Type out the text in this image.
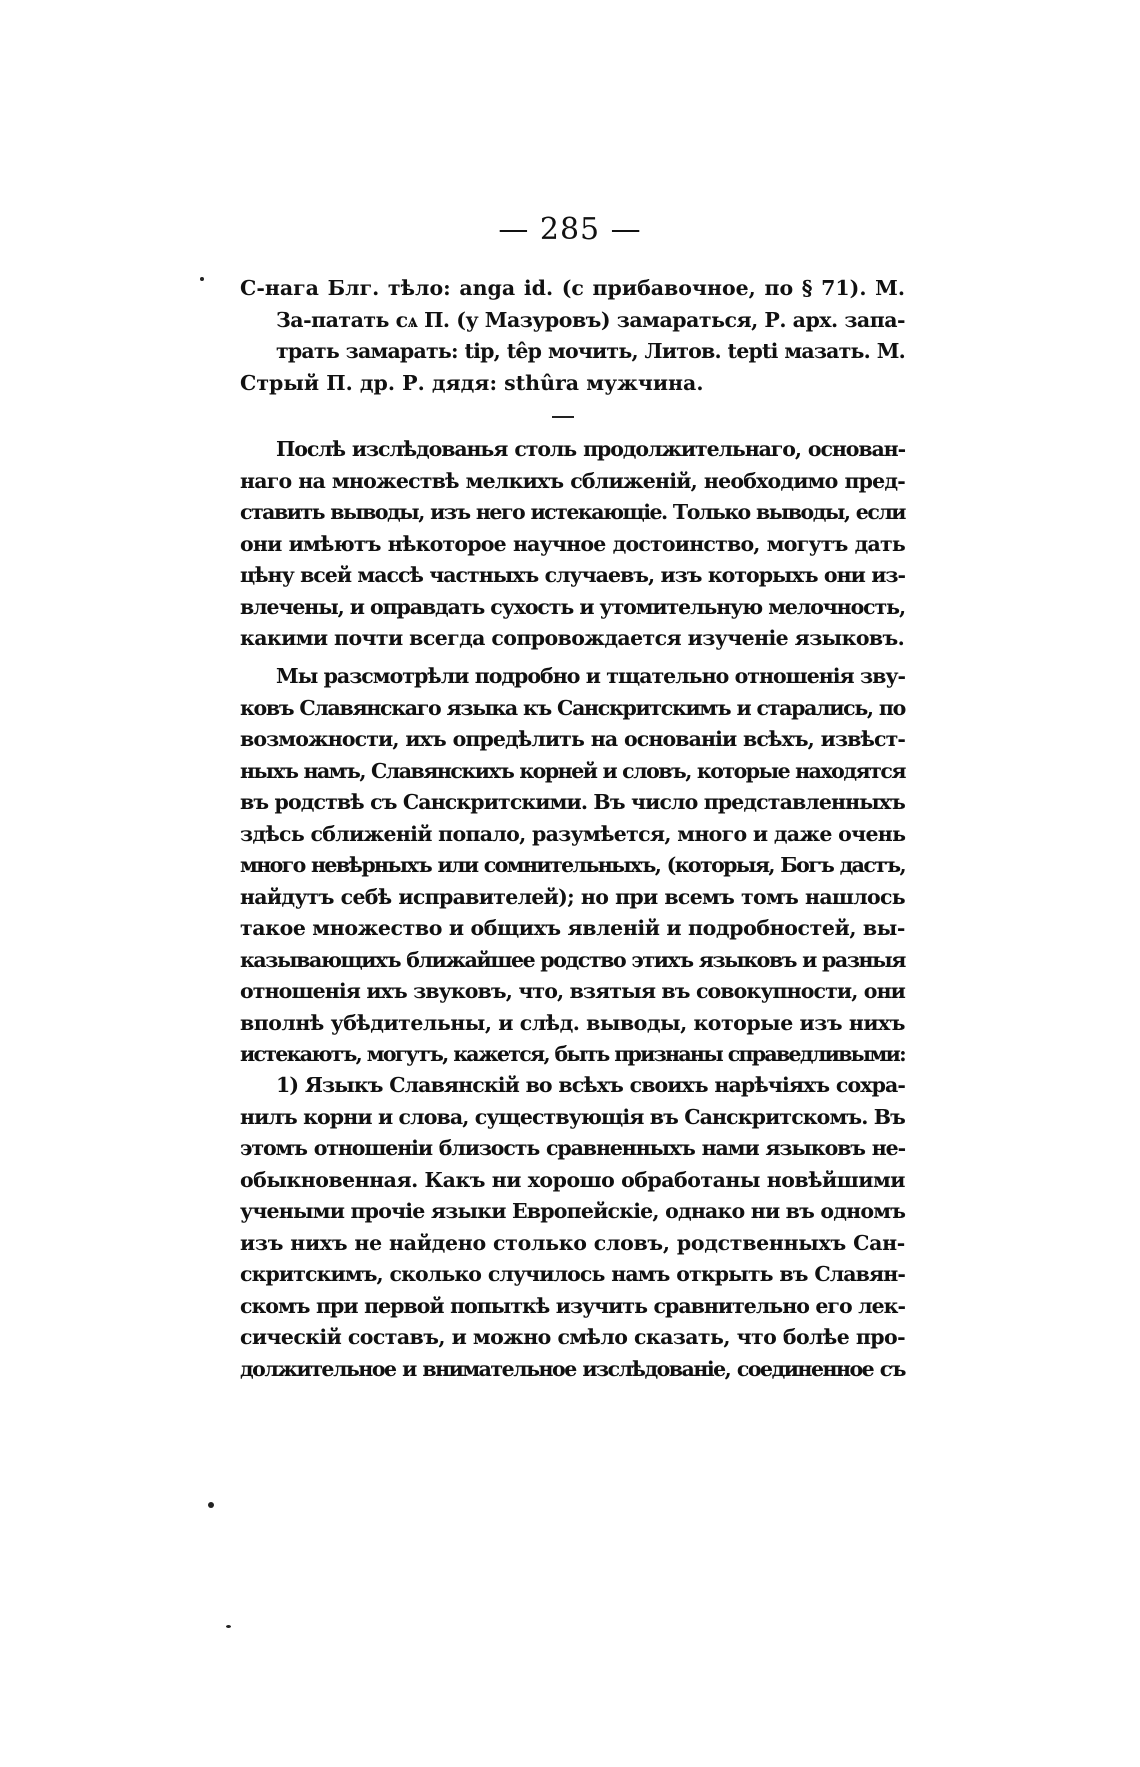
— 285 —
С-нага Блг. тѣло: anga id. (с прибавочное, по § 71). М.
За-патать сѧ П. (у Мазуровъ) замараться, Р. арх. запа-
трать замарать: tip, têp мочить, Литов. tepti мазать. М.
Стрый П. др. Р. дядя: sthûra мужчина.
Послѣ изслѣдованья столь продолжительнаго, основан-
наго на множествѣ мелкихъ сближенiй, необходимо пред-
ставить выводы, изъ него истекающiе. Только выводы, если
они имѣютъ нѣкоторое научное достоинство, могутъ дать
цѣну всей массѣ частныхъ случаевъ, изъ которыхъ они из-
влечены, и оправдать сухость и утомительную мелочность,
какими почти всегда сопровождается изученiе языковъ.
Мы разсмотрѣли подробно и тщательно отношенiя зву-
ковъ Славянскаго языка къ Санскритскимъ и старались, по
возможности, ихъ опредѣлить на основанiи всѣхъ, извѣст-
ныхъ намъ, Славянскихъ корней и словъ, которые находятся
въ родствѣ съ Санскритскими. Въ число представленныхъ
здѣсь сближенiй попало, разумѣется, много и даже очень
много невѣрныхъ или сомнительныхъ, (которыя, Богъ дастъ,
найдутъ себѣ исправителей); но при всемъ томъ нашлось
такое множество и общихъ явленiй и подробностей, вы-
казывающихъ ближайшее родство этихъ языковъ и разныя
отношенiя ихъ звуковъ, что, взятыя въ совокупности, они
вполнѣ убѣдительны, и слѣд. выводы, которые изъ нихъ
истекаютъ, могутъ, кажется, быть признаны справедливыми:
1) Языкъ Славянскiй во всѣхъ своихъ нарѣчiяхъ сохра-
нилъ корни и слова, существующiя въ Санскритскомъ. Въ
этомъ отношенiи близость сравненныхъ нами языковъ не-
обыкновенная. Какъ ни хорошо обработаны новѣйшими
учеными прочiе языки Европейскiе, однако ни въ одномъ
изъ нихъ не найдено столько словъ, родственныхъ Сан-
скритскимъ, сколько случилось намъ открыть въ Славян-
скомъ при первой попыткѣ изучить сравнительно его лек-
сическiй составъ, и можно смѣло сказать, что болѣе про-
должительное и внимательное изслѣдованiе, соединенное съ
